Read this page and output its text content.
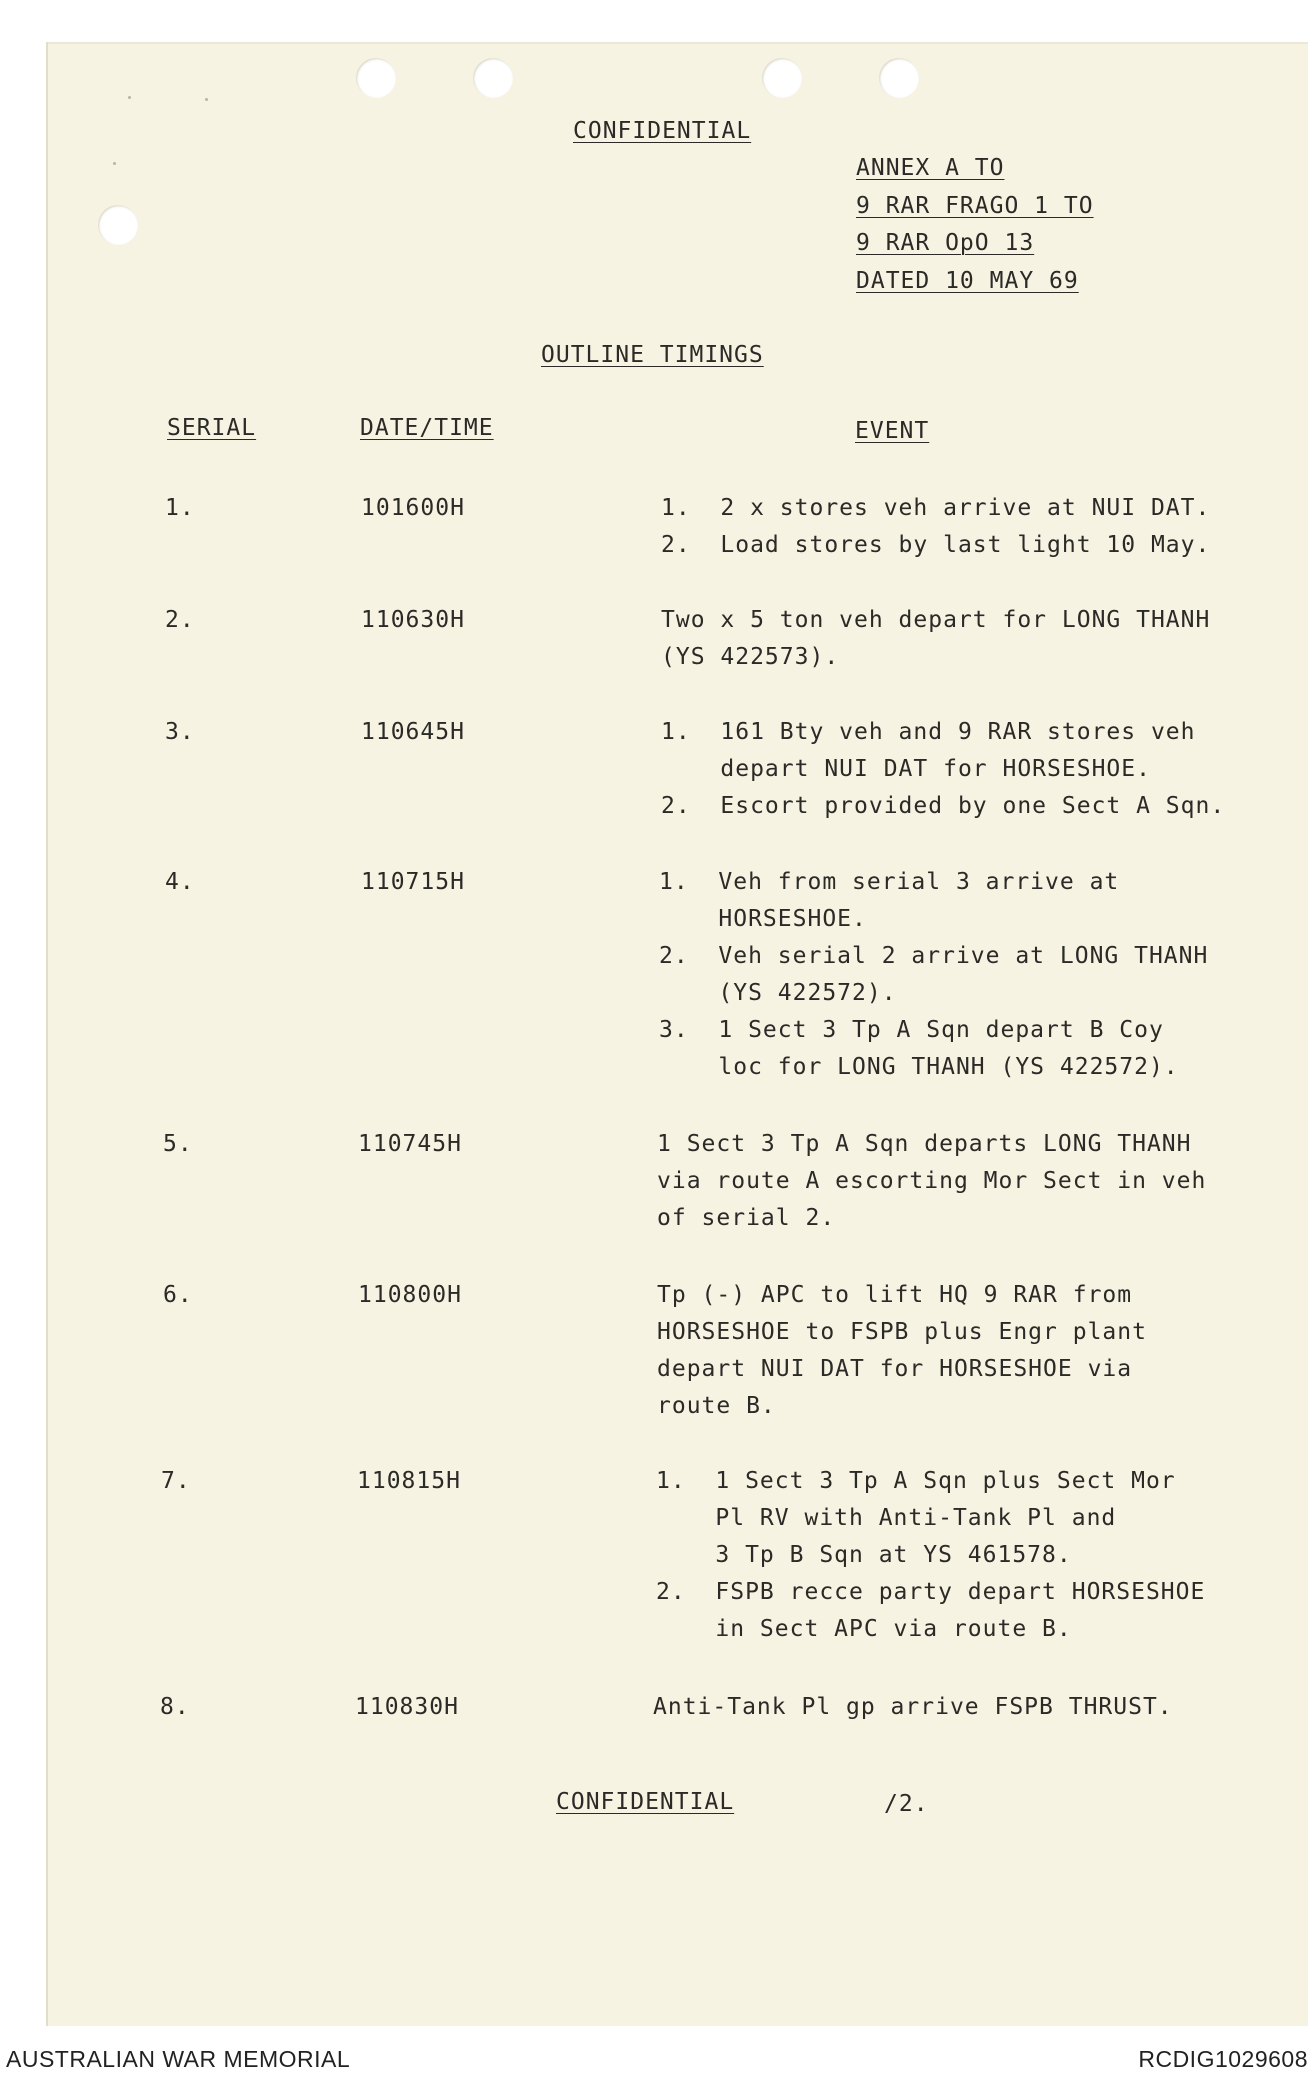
CONFIDENTIAL
ANNEX A TO
9 RAR FRAGO 1 TO
9 RAR OpO 13
DATED 10 MAY 69
OUTLINE TIMINGS
SERIAL	DATE/TIME	EVENT
1.	101600H	1.  2 x stores veh arrive at NUI DAT.
2.  Load stores by last light 10 May.
2.	110630H	Two x 5 ton veh depart for LONG THANH
(YS 422573).
3.	110645H	1.  161 Bty veh and 9 RAR stores veh
depart NUI DAT for HORSESHOE.
2.  Escort provided by one Sect A Sqn.
4.	110715H	1.  Veh from serial 3 arrive at
HORSESHOE.
2.  Veh serial 2 arrive at LONG THANH
(YS 422572).
3.  1 Sect 3 Tp A Sqn depart B Coy
loc for LONG THANH (YS 422572).
5.	110745H	1 Sect 3 Tp A Sqn departs LONG THANH
via route A escorting Mor Sect in veh
of serial 2.
6.	110800H	Tp (-) APC to lift HQ 9 RAR from
HORSESHOE to FSPB plus Engr plant
depart NUI DAT for HORSESHOE via
route B.
7.	110815H	1.  1 Sect 3 Tp A Sqn plus Sect Mor
Pl RV with Anti-Tank Pl and
3 Tp B Sqn at YS 461578.
2.  FSPB recce party depart HORSESHOE
in Sect APC via route B.
8.	110830H	Anti-Tank Pl gp arrive FSPB THRUST.
CONFIDENTIAL	/2.
AUSTRALIAN WAR MEMORIAL	RCDIG1029608
